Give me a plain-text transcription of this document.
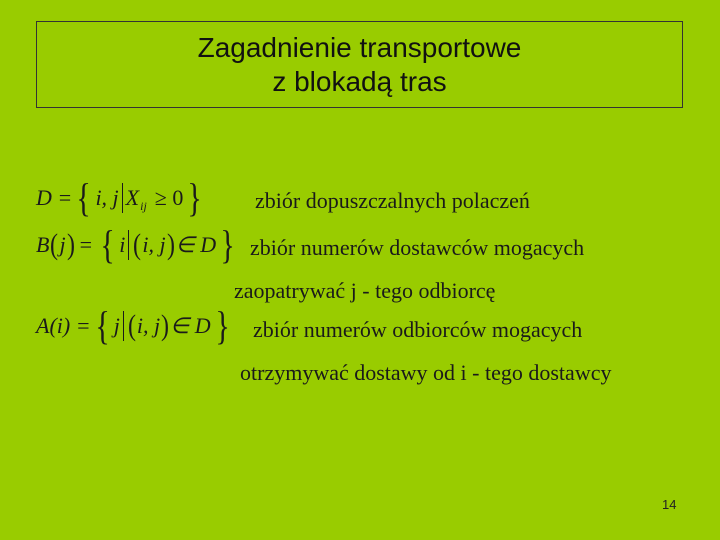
Zagadnienie transportowe
z blokadą tras
D = { i, j X ij ≥ 0 } zbiór dopuszczalnych polaczeń
B ( j ) = { i ( i, j ) ∈ D } zbiór numerów dostawców mogacych
zaopatrywać j - tego odbiorcę
A(i) = { j ( i, j ) ∈ D } zbiór numerów odbiorców mogacych
otrzymywać dostawy od i - tego dostawcy
14
